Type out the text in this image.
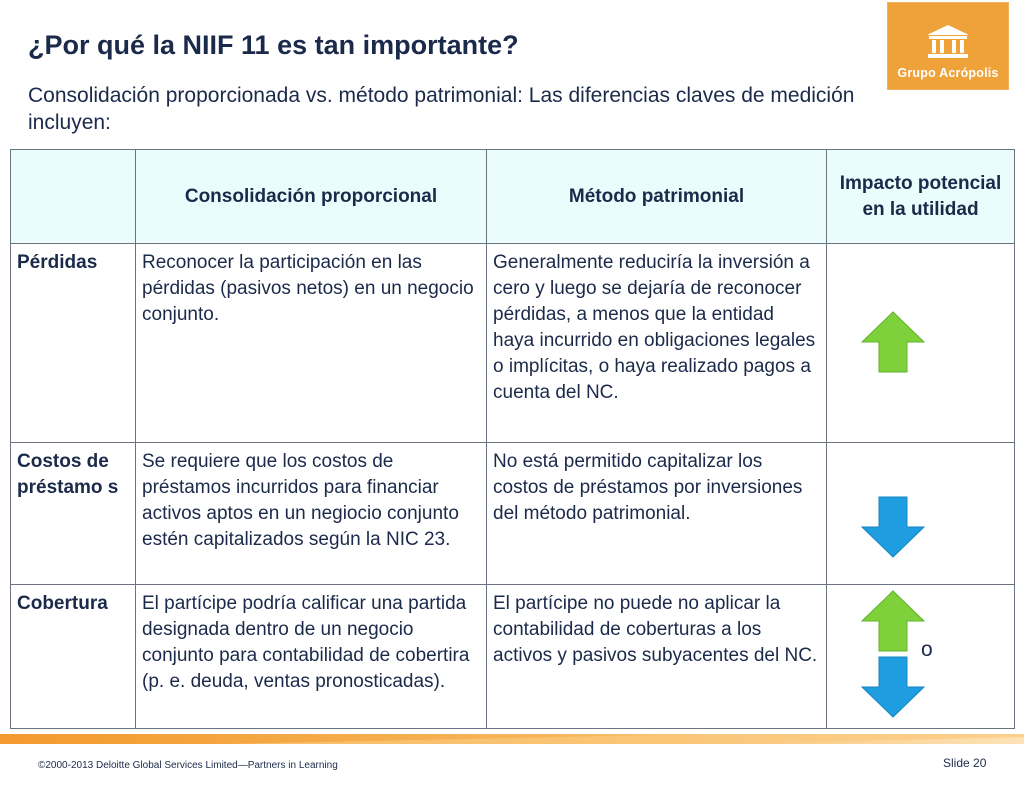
¿Por qué la NIIF 11 es tan importante?

Consolidación proporcionada vs. método patrimonial: Las diferencias claves de medición incluyen:

Grupo Acrópolis
	Consolidación proporcional	Método patrimonial	Impacto potencial en la utilidad
Pérdidas	Reconocer la participación en las pérdidas (pasivos netos) en un negocio conjunto.	Generalmente reduciría la inversión a cero y luego se dejaría de reconocer pérdidas, a menos que la entidad haya incurrido en obligaciones legales o implícitas, o haya realizado pagos a cuenta del NC.	

Costos de préstamo s	Se requiere que los costos de préstamos incurridos para financiar activos aptos en un negiocio conjunto estén capitalizados según la NIC 23.	No está permitido capitalizar los costos de préstamos por inversiones del método patrimonial.	

Cobertura	El partícipe podría calificar una partida designada dentro de un negocio conjunto para contabilidad de cobertira (p. e. deuda, ventas pronosticadas).	El partícipe no puede no aplicar la contabilidad de coberturas a los activos y pasivos subyacentes del NC.	o
©2000-2013 Deloitte Global Services Limited—Partners in Learning	Slide 20
